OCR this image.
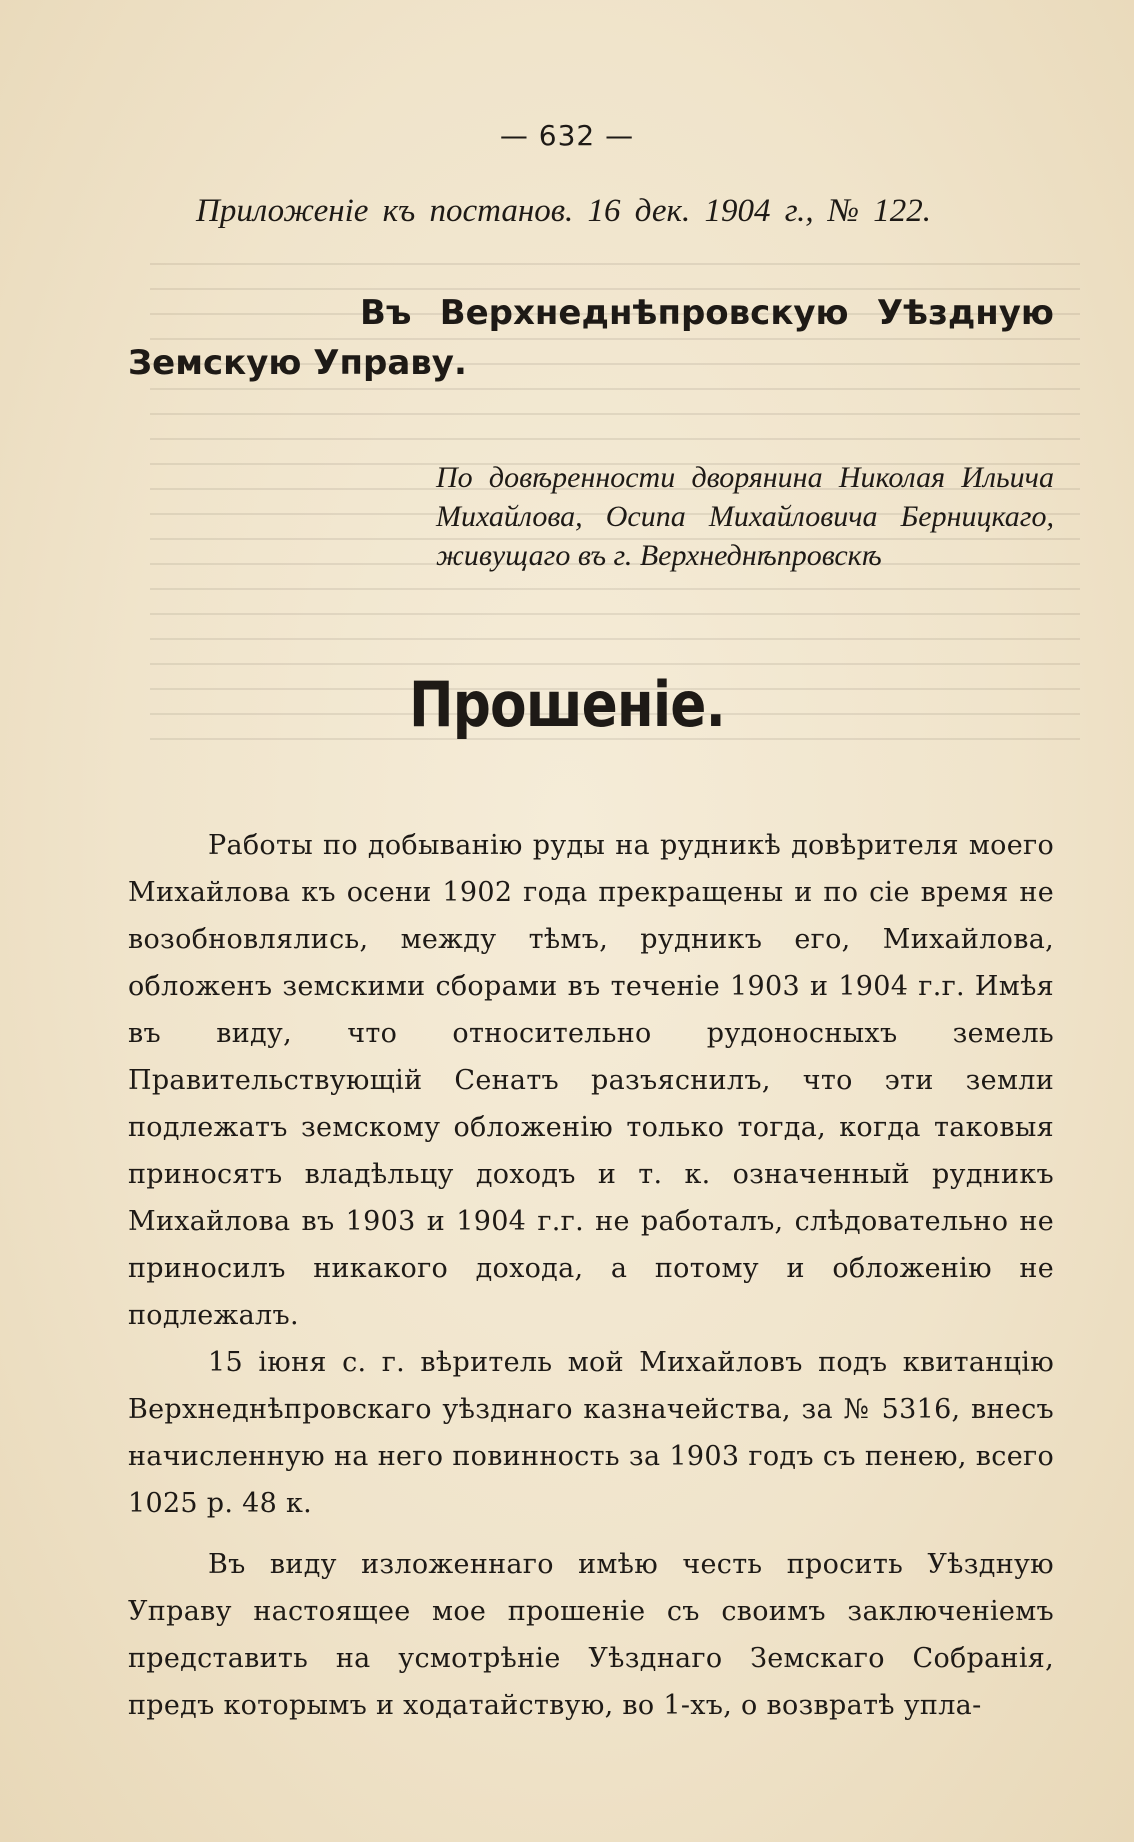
— 632 —
Приложеніе къ постанов. 16 дек. 1904 г., № 122.
Въ Верхнеднѣпровскую Уѣздную Земскую Управу.
По довѣренности дворянина Николая Ильича Михайлова, Осипа Михайловича Берницкаго, живущаго въ г. Верхнеднѣпровскѣ
Прошеніе.

Работы по добыванію руды на рудникѣ довѣрителя моего Михайлова къ осени 1902 года прекращены и по сіе время не возобновлялись, между тѣмъ, рудникъ его, Михайлова, обложенъ земскими сборами въ теченіе 1903 и 1904 г.г. Имѣя въ виду, что относительно рудоносныхъ земель Правительствующій Сенатъ разъяснилъ, что эти земли подлежатъ земскому обложенію только тогда, когда таковыя приносятъ владѣльцу доходъ и т. к. означенный рудникъ Михайлова въ 1903 и 1904 г.г. не работалъ, слѣдовательно не приносилъ никакого дохода, а потому и обложенію не подлежалъ.

15 іюня с. г. вѣритель мой Михайловъ подъ квитанцію Верхнеднѣпровскаго уѣзднаго казначейства, за № 5316, внесъ начисленную на него повинность за 1903 годъ съ пенею, всего 1025 р. 48 к.

Въ виду изложеннаго имѣю честь просить Уѣздную Управу настоящее мое прошеніе съ своимъ заключеніемъ представить на усмотрѣніе Уѣзднаго Земскаго Собранія, предъ которымъ и ходатайствую, во 1-хъ, о возвратѣ упла-
